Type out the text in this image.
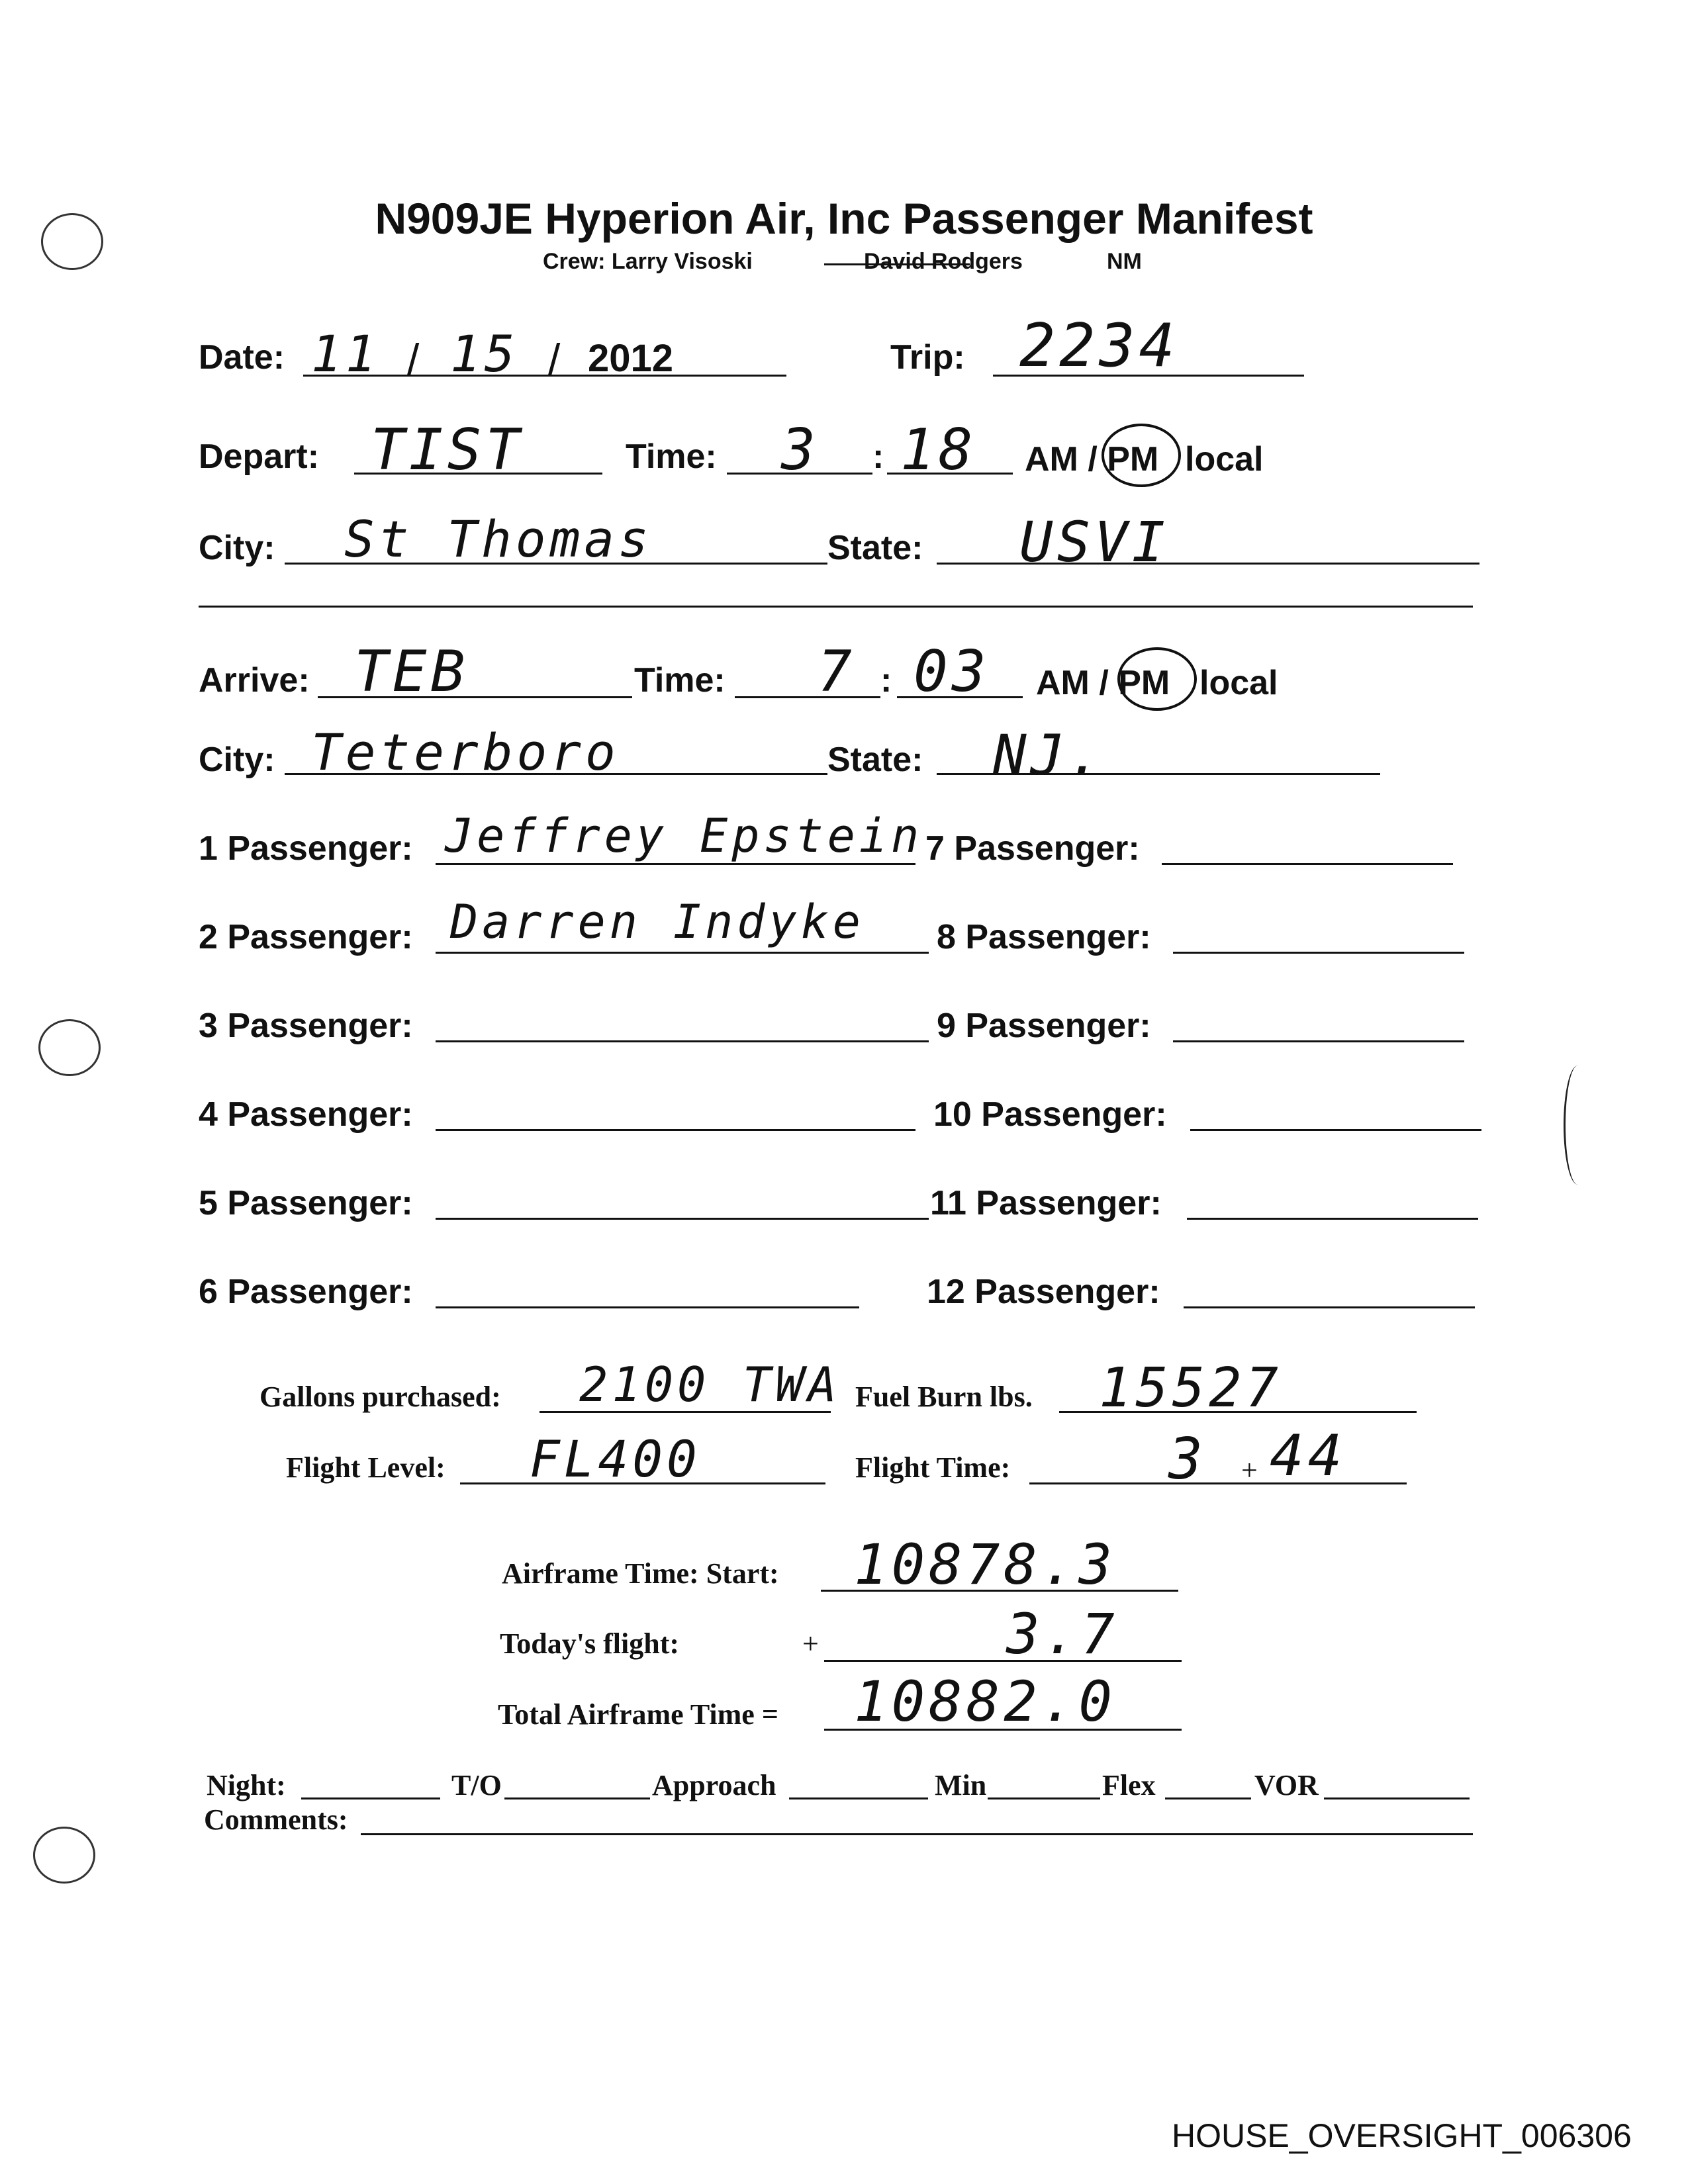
N909JE Hyperion Air, Inc Passenger Manifest
Crew: Larry Visoski	David Rodgers	NM
Date: 11 / 15 / 2012	Trip: 2234
Depart: TIST	Time: 3 : 18 AM / PM local
City: St Thomas	State: USVI
Arrive: TEB	Time: 7 : 03 AM / PM local
City: Teterboro	State: NJ.
1 Passenger: Jeffrey Epstein
2 Passenger: Darren Indyke
3 Passenger:
4 Passenger:
5 Passenger:
6 Passenger:
7 Passenger:
8 Passenger:
9 Passenger:
10 Passenger:
11 Passenger:
12 Passenger:
Gallons purchased: 2100 TWA Fuel Burn lbs. 15527
Flight Level: FL400	Flight Time:	3 + 44
Airframe Time: Start: 10878.3
Today's flight:	+	3.7
Total Airframe Time = 10882.0
Night:	T/O	Approach	Min	Flex	VOR
Comments:
HOUSE_OVERSIGHT_006306
